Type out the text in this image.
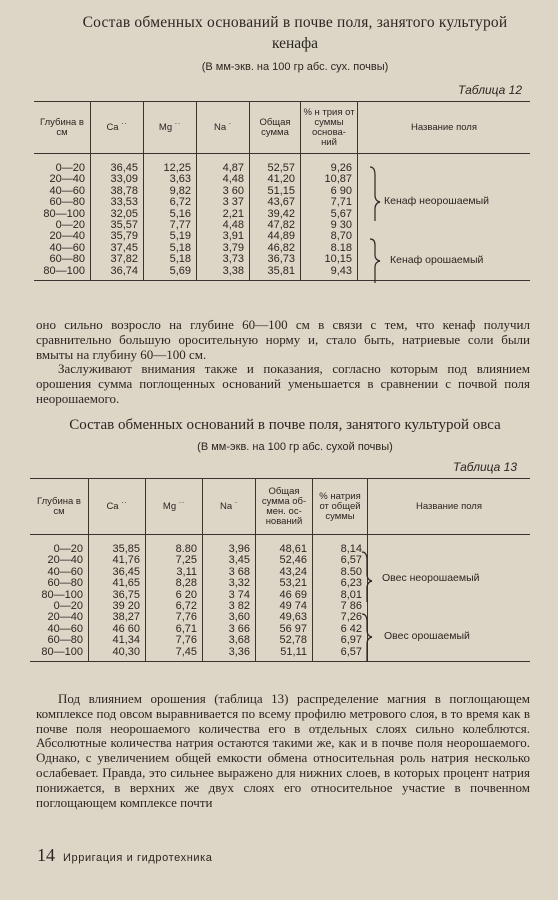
Состав обменных оснований в почве поля, занятого культурой
кенафа
(В мм-экв. на 100 гр абс. сух. почвы)
Таблица 12
Глубина в см	Ca ˙˙	Mg ˙˙	Na ˙	Общая сумма	% н трия от суммы основа- ний	Название поля

0—20	36,45	12,25	4,87	52,57	9,26	
20—40	33,09	3,63	4,48	41,20	10,87	
40—60	38,78	9,82	3 60	51,15	6 90	
60—80	33,53	6,72	3 37	43,67	7,71	
80—100	32,05	5,16	2,21	39,42	5,67	
0—20	35,57	7,77	4,48	47,82	9 30	
20—40	35,79	5,19	3,91	44,89	8,70	
40—60	37,45	5,18	3,79	46,82	8.18	
60—80	37,82	5,18	3,73	36,73	10,15	
80—100	36,74	5,69	3,38	35,81	9,43	
Кенаф неорошаемый
Кенаф орошаемый

оно сильно возросло на глубине 60—100 см в связи с тем, что кенаф получил сравнительно большую оросительную норму и, стало быть, натриевые соли были вмыты на глубину 60—100 см.

Заслуживают внимания также и показания, согласно которым под влиянием орошения сумма поглощенных оснований уменьшается в сравнении с почвой поля неорошаемого.

Состав обменных оснований в почве поля, занятого культурой овса
(В мм-экв. на 100 гр абс. сухой почвы)
Таблица 13
Глубина в см	Ca ˙˙	Mg ˙˙	Na ˙	Общая сумма об- мен. ос- нований	% натрия от общей суммы	Название поля

0—20	35,85	8.80	3,96	48,61	8,14	
20—40	41,76	7,25	3,45	52,46	6,57	
40—60	36,45	3,11	3 68	43,24	8.50	
60—80	41,65	8,28	3,32	53,21	6,23	
80—100	36,75	6 20	3 74	46 69	8,01	
0—20	39 20	6,72	3 82	49 74	7 86	
20—40	38,27	7,76	3,60	49,63	7,26	
40—60	46 60	6,71	3 66	56 97	6 42	
60—80	41,34	7,76	3,68	52,78	6,97	
80—100	40,30	7,45	3,36	51,11	6,57	
Овес неорошаемый
Овес орошаемый

Под влиянием орошения (таблица 13) распределение магния в поглощающем комплексе под овсом выравнивается по всему профилю метрового слоя, в то время как в почве поля неорошаемого количества его в отдельных слоях сильно колеблются. Абсолютные количества натрия остаются такими же, как и в почве поля неорошаемого. Однако, с увеличением общей емкости обмена относительная роль натрия несколько ослабевает. Правда, это сильнее выражено для нижних слоев, в которых процент натрия понижается, в верхних же двух слоях его относительное участие в почвенном поглощающем комплексе почти

14 Ирригация и гидротехника
